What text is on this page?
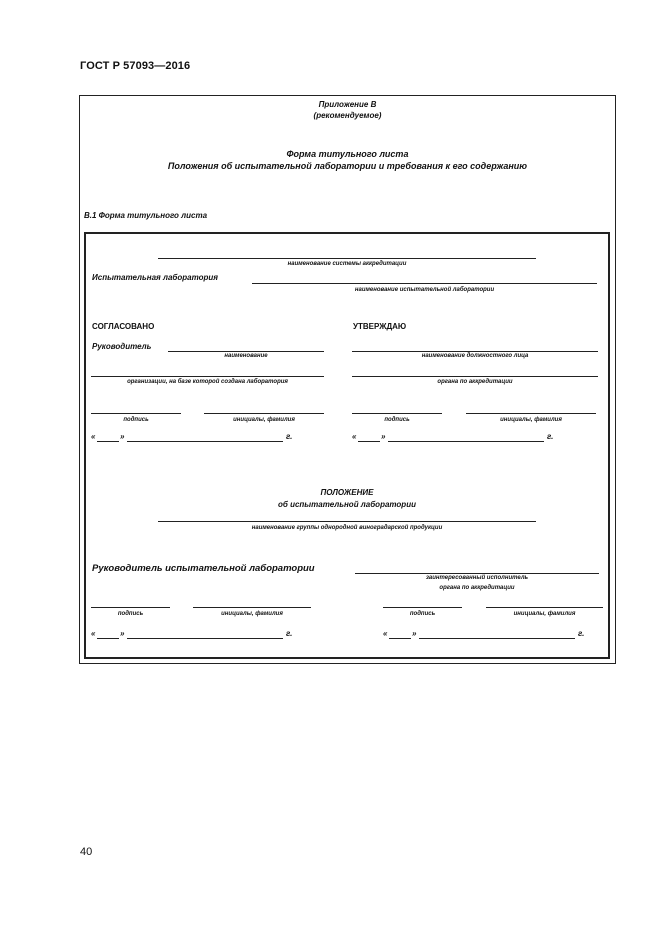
ГОСТ Р 57093—2016
Приложение В
(рекомендуемое)
Форма титульного листа
Положения об испытательной лаборатории и требования к его содержанию
В.1 Форма титульного листа
наименование системы аккредитации
Испытательная лаборатория
наименование испытательной лаборатории
СОГЛАСОВАНО
Руководитель
наименование
организации, на базе которой создана лаборатория
подпись	инициалы, фамилия
«	»	г.
УТВЕРЖДАЮ
наименование должностного лица
органа по аккредитации
подпись	инициалы, фамилия
«	»	г.
ПОЛОЖЕНИЕ
об испытательной лаборатории
наименование группы однородной виноградарской продукции
Руководитель испытательной лаборатории
заинтересованный исполнитель
органа по аккредитации
подпись	инициалы, фамилия
«	»	г.
подпись	инициалы, фамилия
«	»	г.
40
